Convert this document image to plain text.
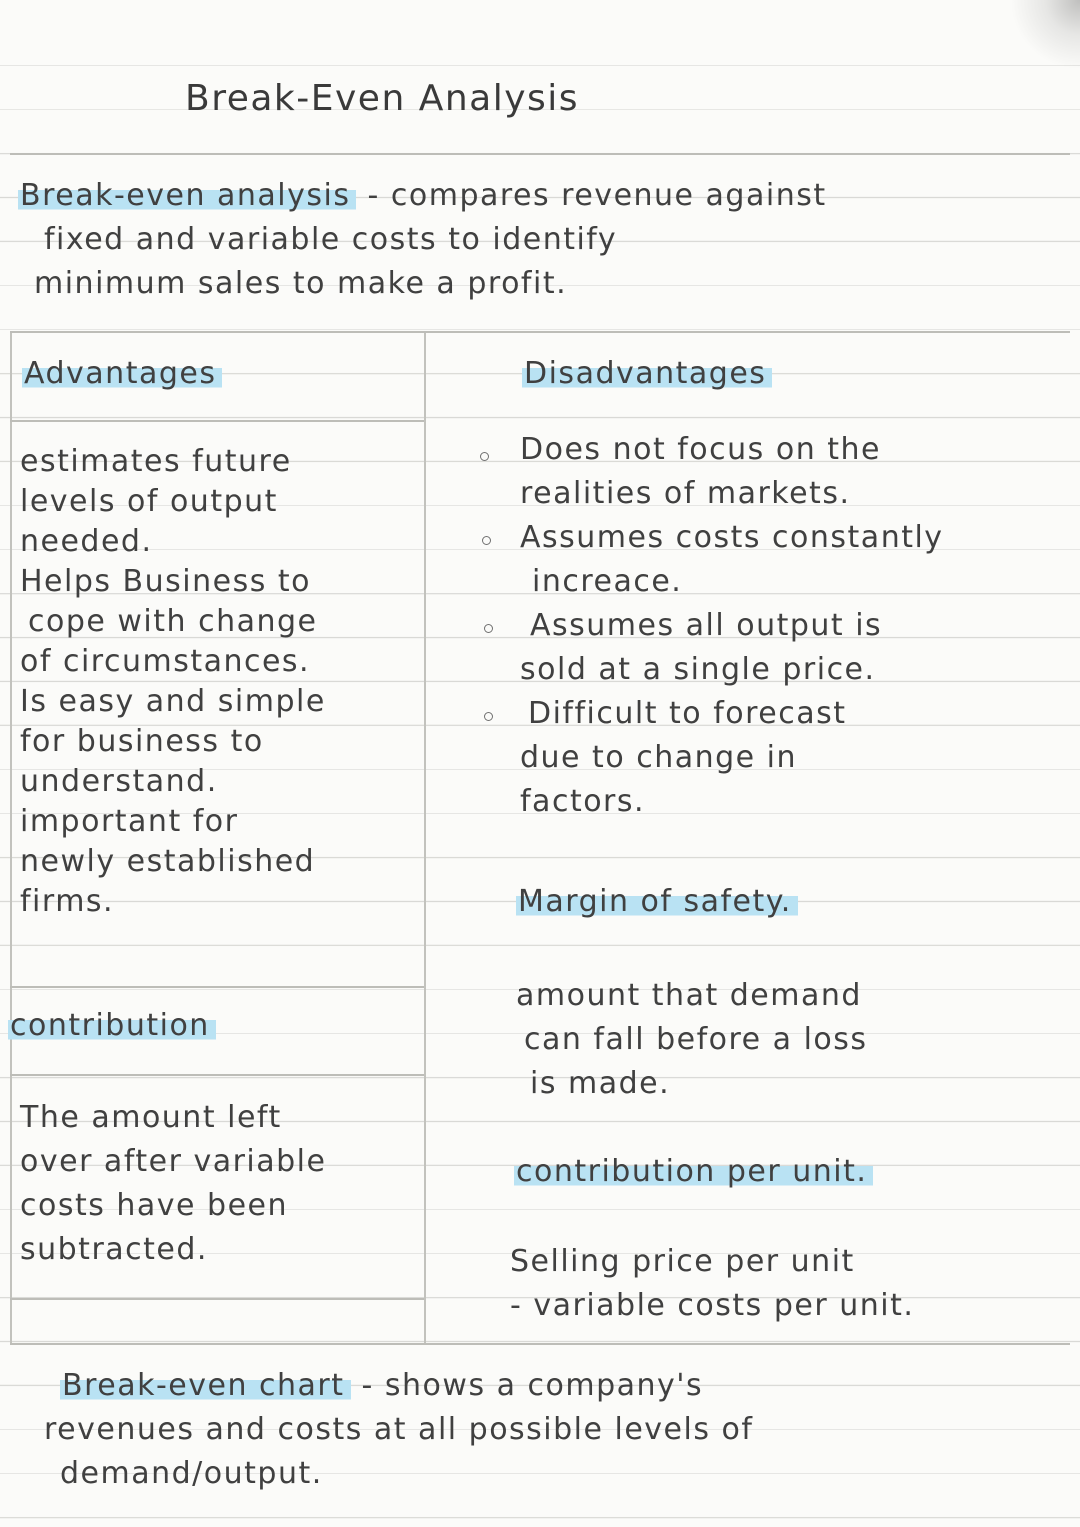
Break-Even Analysis
Break-even analysis - compares revenue against
fixed and variable costs to identify
minimum sales to make a profit.
Advantages	Disadvantages
estimates future
levels of output
needed.
Helps Business to
cope with change
of circumstances.
Is easy and simple
for business to
understand.
important for
newly established
firms.
Does not focus on the
realities of markets.
Assumes costs constantly
increace.
Assumes all output is
sold at a single price.
Difficult to forecast
due to change in
factors.
Margin of safety.
amount that demand
can fall before a loss
is made.
contribution
The amount left
over after variable
costs have been
subtracted.
contribution per unit.
Selling price per unit
- variable costs per unit.
Break-even chart - shows a company's
revenues and costs at all possible levels of
demand/output.
